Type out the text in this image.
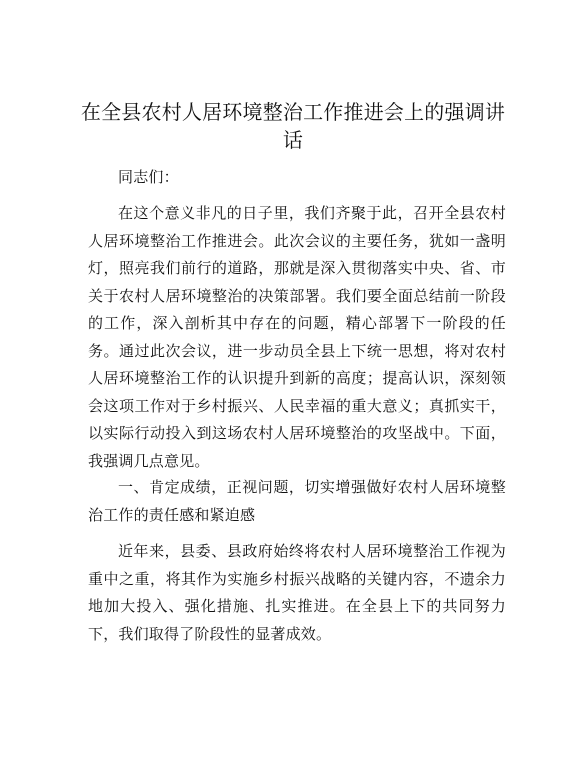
在全县农村人居环境整治工作推进会上的强调讲话
同志们：
在这个意义非凡的日子里，我们齐聚于此，召开全县农村人居环境整治工作推进会。此次会议的主要任务，犹如一盏明灯，照亮我们前行的道路，那就是深入贯彻落实中央、省、市关于农村人居环境整治的决策部署。我们要全面总结前一阶段的工作，深入剖析其中存在的问题，精心部署下一阶段的任务。通过此次会议，进一步动员全县上下统一思想，将对农村人居环境整治工作的认识提升到新的高度；提高认识，深刻领会这项工作对于乡村振兴、人民幸福的重大意义；真抓实干，以实际行动投入到这场农村人居环境整治的攻坚战中。下面，我强调几点意见。
一、肯定成绩，正视问题，切实增强做好农村人居环境整治工作的责任感和紧迫感
近年来，县委、县政府始终将农村人居环境整治工作视为重中之重，将其作为实施乡村振兴战略的关键内容，不遗余力地加大投入、强化措施、扎实推进。在全县上下的共同努力下，我们取得了阶段性的显著成效。
